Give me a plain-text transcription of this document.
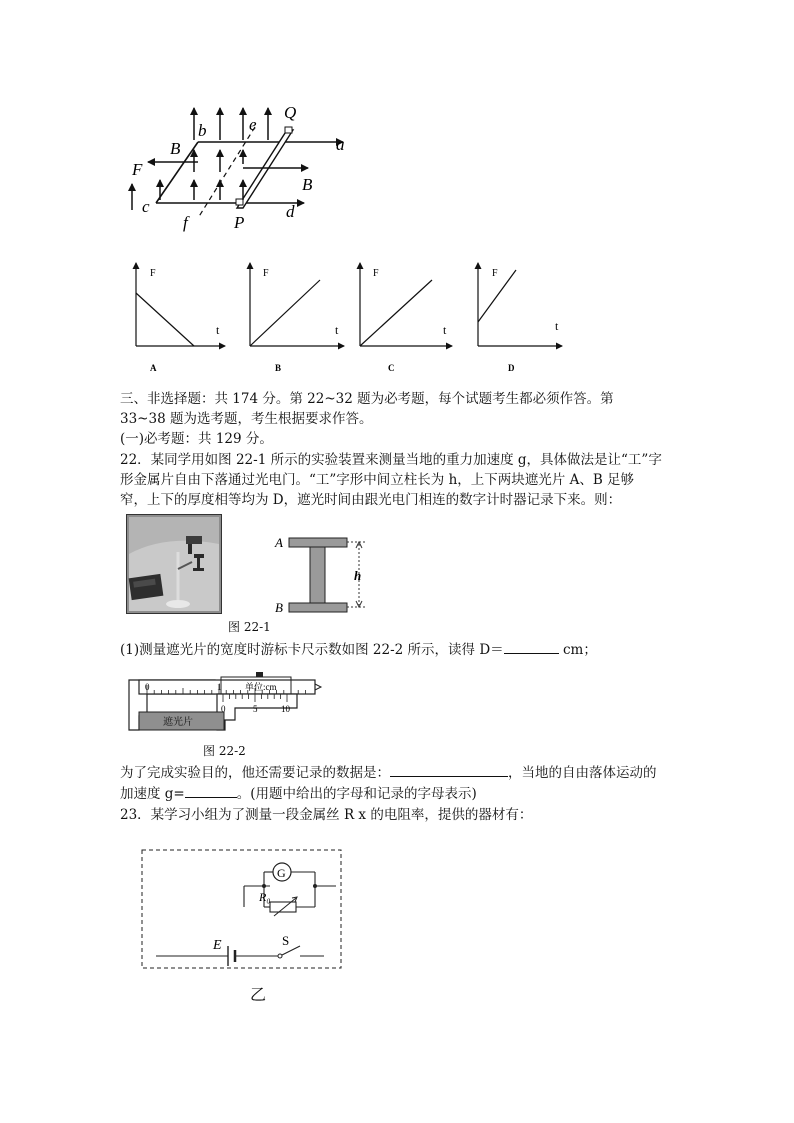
B
b	e
Q
a
F
B
c
f	P
d
F
t
A
F
t
B
F
t
C
F
t
D
三、非选择题：共 174 分。第 22~32 题为必考题，每个试题考生都必须作答。第
33~38 题为选考题，考生根据要求作答。
(一)必考题：共 129 分。
22．某同学用如图 22-1 所示的实验装置来测量当地的重力加速度 g，具体做法是让“工”字
形金属片自由下落通过光电门。“工”字形中间立柱长为 h，上下两块遮光片 A、B 足够
窄，上下的厚度相等均为 D，遮光时间由跟光电门相连的数字计时器记录下来。则：
A
B
h
图 22-1
(1)测量遮光片的宽度时游标卡尺示数如图 22-2 所示，读得 D＝	cm；
0	1	单位:cm
0	5	10
遮光片
图 22-2
为了完成实验目的，他还需要记录的数据是：	，当地的自由落体运动的
加速度 g=	。(用题中给出的字母和记录的字母表示)
23．某学习小组为了测量一段金属丝 R x 的电阻率，提供的器材有：
G
R₀
E	S
乙
